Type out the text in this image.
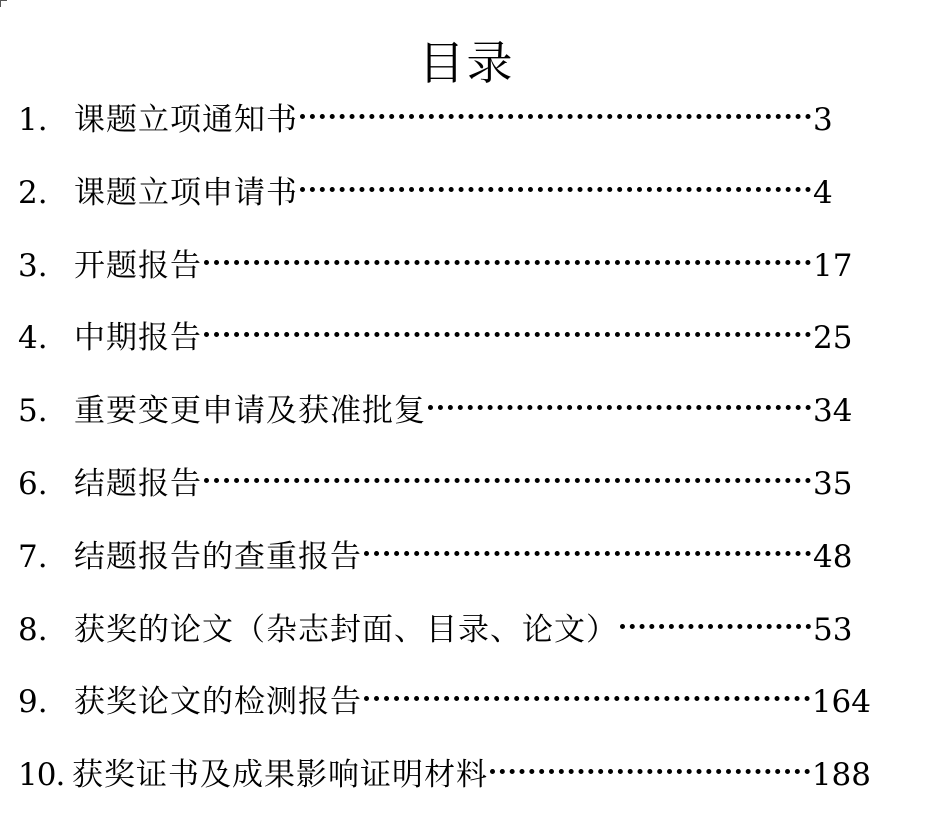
目录
1. 课题立项通知书	3
2. 课题立项申请书	4
3. 开题报告	17
4. 中期报告	25
5. 重要变更申请及获准批复	34
6. 结题报告	35
7. 结题报告的查重报告	48
8. 获奖的论文（杂志封面、目录、论文）	53
9. 获奖论文的检测报告	164
10. 获奖证书及成果影响证明材料	188
